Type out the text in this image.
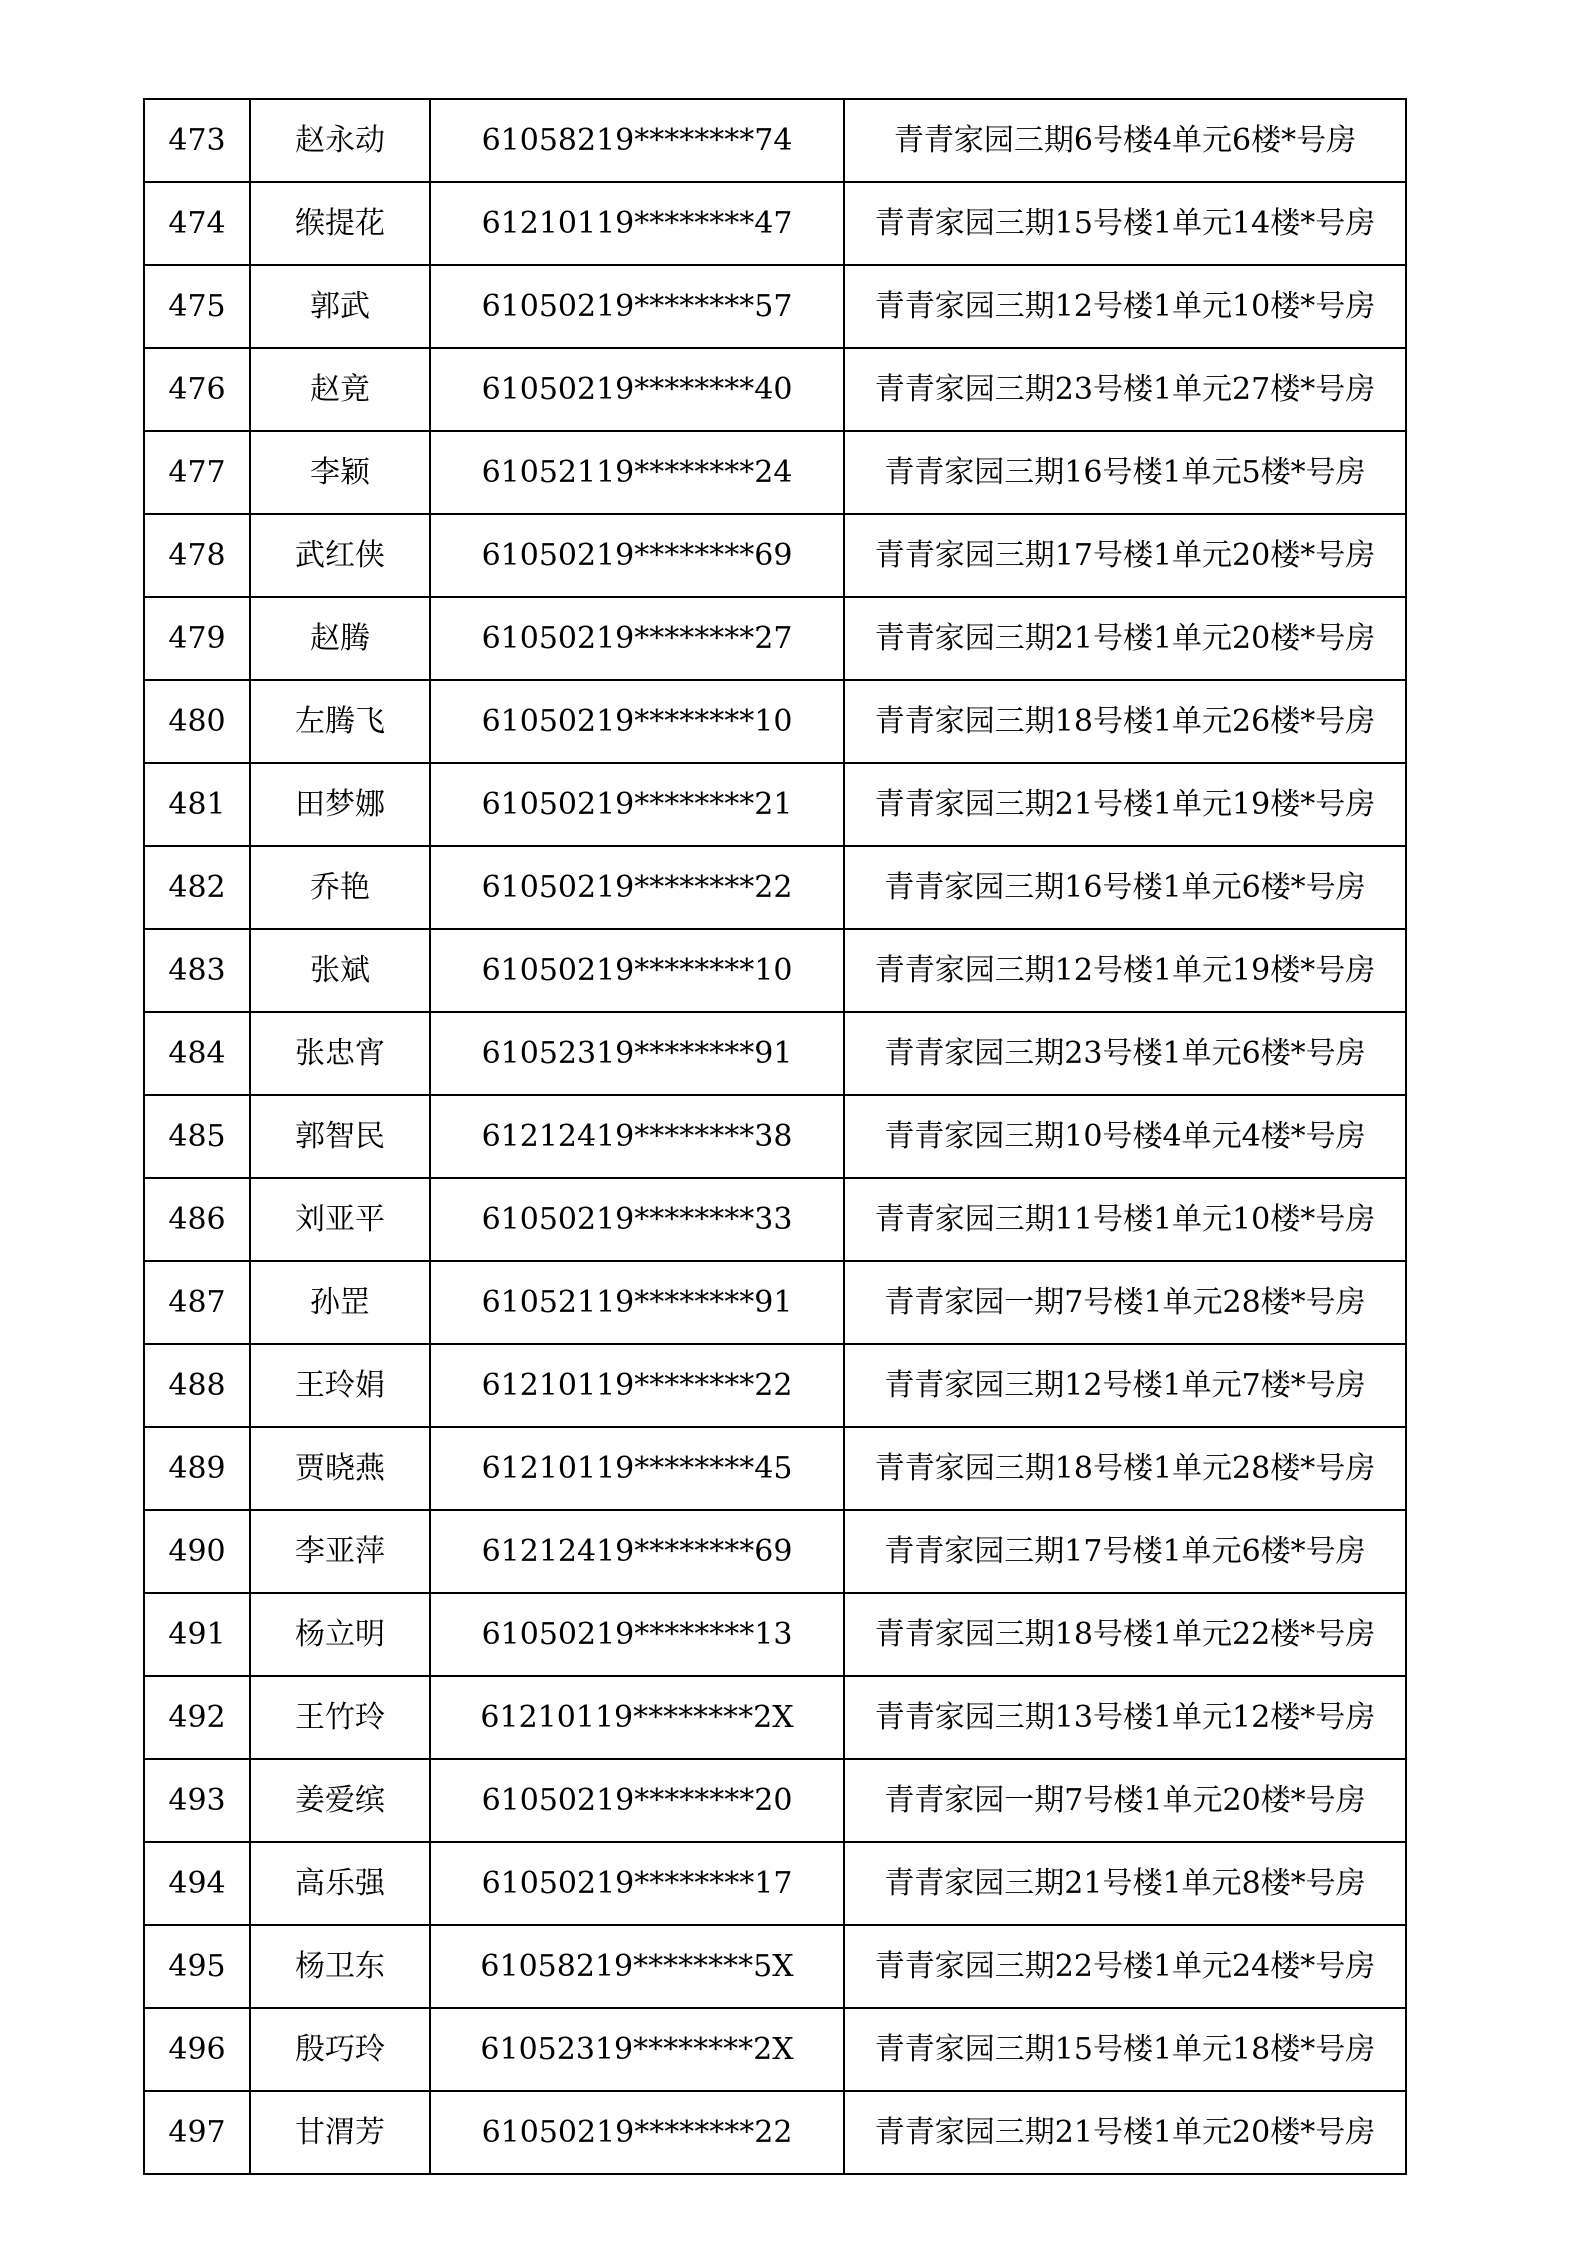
473	赵永动	61058219********74	青青家园三期6号楼4单元6楼*号房
474	缑提花	61210119********47	青青家园三期15号楼1单元14楼*号房
475	郭武	61050219********57	青青家园三期12号楼1单元10楼*号房
476	赵竟	61050219********40	青青家园三期23号楼1单元27楼*号房
477	李颖	61052119********24	青青家园三期16号楼1单元5楼*号房
478	武红侠	61050219********69	青青家园三期17号楼1单元20楼*号房
479	赵腾	61050219********27	青青家园三期21号楼1单元20楼*号房
480	左腾飞	61050219********10	青青家园三期18号楼1单元26楼*号房
481	田梦娜	61050219********21	青青家园三期21号楼1单元19楼*号房
482	乔艳	61050219********22	青青家园三期16号楼1单元6楼*号房
483	张斌	61050219********10	青青家园三期12号楼1单元19楼*号房
484	张忠宵	61052319********91	青青家园三期23号楼1单元6楼*号房
485	郭智民	61212419********38	青青家园三期10号楼4单元4楼*号房
486	刘亚平	61050219********33	青青家园三期11号楼1单元10楼*号房
487	孙罡	61052119********91	青青家园一期7号楼1单元28楼*号房
488	王玲娟	61210119********22	青青家园三期12号楼1单元7楼*号房
489	贾晓燕	61210119********45	青青家园三期18号楼1单元28楼*号房
490	李亚萍	61212419********69	青青家园三期17号楼1单元6楼*号房
491	杨立明	61050219********13	青青家园三期18号楼1单元22楼*号房
492	王竹玲	61210119********2X	青青家园三期13号楼1单元12楼*号房
493	姜爱缤	61050219********20	青青家园一期7号楼1单元20楼*号房
494	高乐强	61050219********17	青青家园三期21号楼1单元8楼*号房
495	杨卫东	61058219********5X	青青家园三期22号楼1单元24楼*号房
496	殷巧玲	61052319********2X	青青家园三期15号楼1单元18楼*号房
497	甘渭芳	61050219********22	青青家园三期21号楼1单元20楼*号房
